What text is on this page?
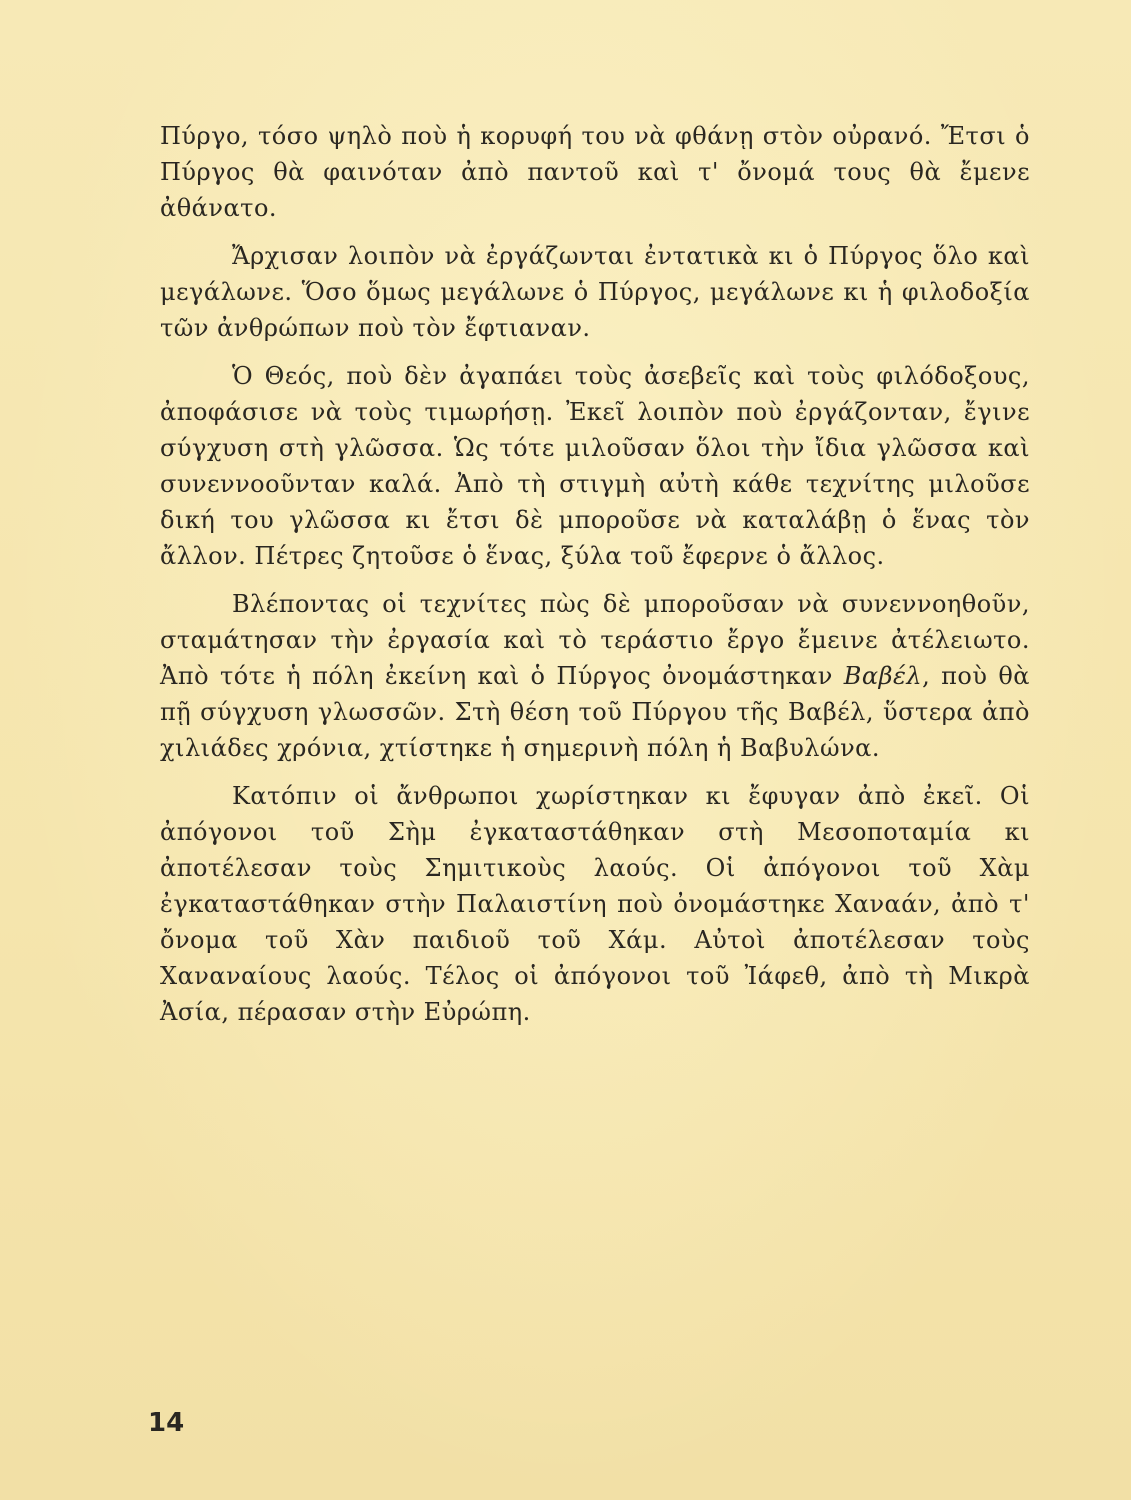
Πύργο, τόσο ψηλὸ ποὺ ἡ κορυφή του νὰ φθάνῃ στὸν οὐρανό. Ἔτσι ὁ Πύργος θὰ φαινόταν ἀπὸ παντοῦ καὶ τ' ὄνομά τους θὰ ἔμενε ἀθάνατο.

Ἄρχισαν λοιπὸν νὰ ἐργάζωνται ἐντατικὰ κι ὁ Πύργος ὅλο καὶ μεγάλωνε. Ὅσο ὅμως μεγάλωνε ὁ Πύργος, μεγάλωνε κι ἡ φιλοδοξία τῶν ἀνθρώπων ποὺ τὸν ἔφτιαναν.

Ὁ Θεός, ποὺ δὲν ἀγαπάει τοὺς ἀσεβεῖς καὶ τοὺς φιλόδοξους, ἀποφάσισε νὰ τοὺς τιμωρήσῃ. Ἐκεῖ λοιπὸν ποὺ ἐργάζονταν, ἔγινε σύγχυση στὴ γλῶσσα. Ὡς τότε μιλοῦσαν ὅλοι τὴν ἴδια γλῶσσα καὶ συνεννοοῦνταν καλά. Ἀπὸ τὴ στιγμὴ αὐτὴ κάθε τεχνίτης μιλοῦσε δική του γλῶσσα κι ἔτσι δὲ μποροῦσε νὰ καταλάβῃ ὁ ἕνας τὸν ἄλλον. Πέτρες ζητοῦσε ὁ ἕνας, ξύλα τοῦ ἔφερνε ὁ ἄλλος.

Βλέποντας οἱ τεχνίτες πὼς δὲ μποροῦσαν νὰ συνεννοηθοῦν, σταμάτησαν τὴν ἐργασία καὶ τὸ τεράστιο ἔργο ἔμεινε ἀτέλειωτο. Ἀπὸ τότε ἡ πόλη ἐκείνη καὶ ὁ Πύργος ὀνομάστηκαν Βαβέλ, ποὺ θὰ πῇ σύγχυση γλωσσῶν. Στὴ θέση τοῦ Πύργου τῆς Βαβέλ, ὕστερα ἀπὸ χιλιάδες χρόνια, χτίστηκε ἡ σημερινὴ πόλη ἡ Βαβυλώνα.

Κατόπιν οἱ ἄνθρωποι χωρίστηκαν κι ἔφυγαν ἀπὸ ἐκεῖ. Οἱ ἀπόγονοι τοῦ Σὴμ ἐγκαταστάθηκαν στὴ Μεσοποταμία κι ἀποτέλεσαν τοὺς Σημιτικοὺς λαούς. Οἱ ἀπόγονοι τοῦ Χὰμ ἐγκαταστάθηκαν στὴν Παλαιστίνη ποὺ ὀνομάστηκε Χαναάν, ἀπὸ τ' ὄνομα τοῦ Χὰν παιδιοῦ τοῦ Χάμ. Αὐτοὶ ἀποτέλεσαν τοὺς Χαναναίους λαούς. Τέλος οἱ ἀπόγονοι τοῦ Ἰάφεθ, ἀπὸ τὴ Μικρὰ Ἀσία, πέρασαν στὴν Εὐρώπη.

14
